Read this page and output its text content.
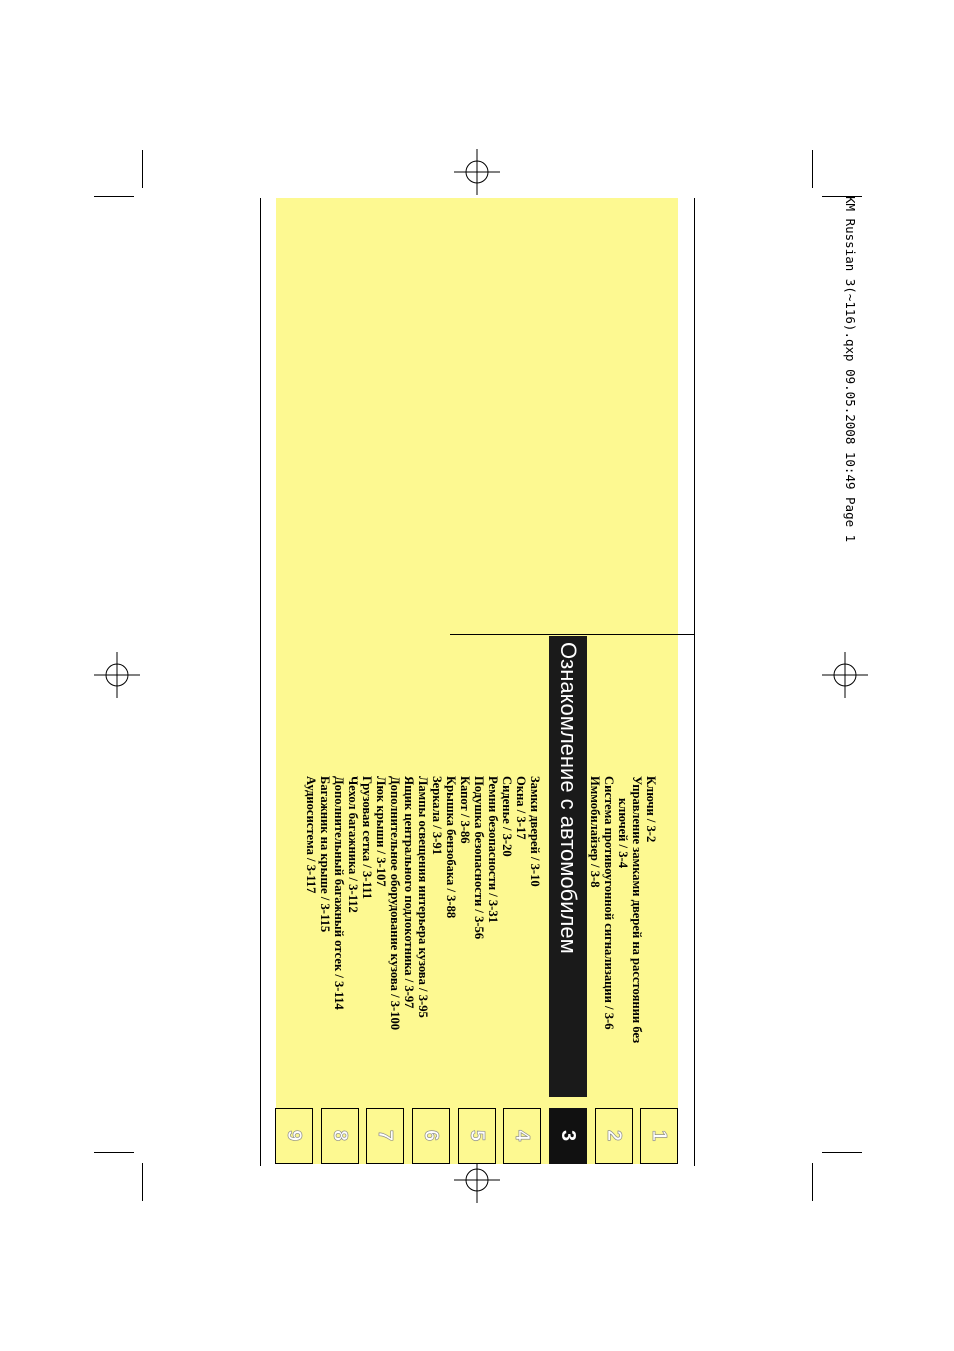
KM Russian 3(~116).qxp 09.05.2008 10:49 Page 1
Ознакомление с автомобилем	Ключи / 3-2
Управление замками дверей на расстоянии без
ключей / 3-4
Система противоугонной сигнализации / 3-6
Иммобилайзер / 3-8
Замки дверей / 3-10
Окна / 3-17
Сиденье / 3-20
Ремни безопасности / 3-31
Подушка безопасности / 3-56
Капот / 3-86
Крышка бензобака / 3-88
Зеркала / 3-91
Лампы освещения интерьера кузова / 3-95
Ящик центрального подлокотника / 3-97
Дополнительное оборудование кузова / 3-100
Люк крыши / 3-107
Грузовая сетка / 3-111
Чехол багажника / 3-112
Дополнительный багажный отсек / 3-114
Багажник на крыше / 3-115
Аудиосистема / 3-117
1
2
3
4
5
6
7
8
9
